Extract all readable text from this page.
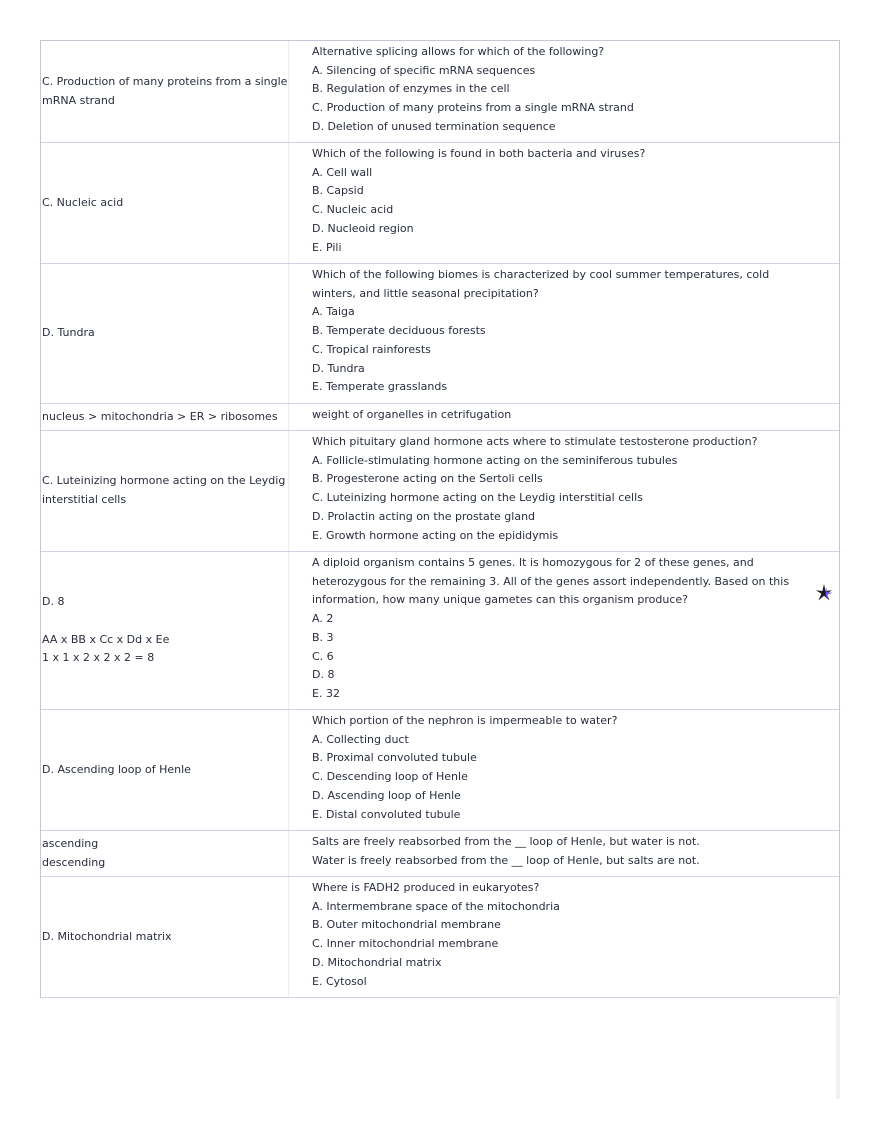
C. Production of many proteins from a single
mRNA strand
Alternative splicing allows for which of the following?
A. Silencing of specific mRNA sequences
B. Regulation of enzymes in the cell
C. Production of many proteins from a single mRNA strand
D. Deletion of unused termination sequence
C. Nucleic acid
Which of the following is found in both bacteria and viruses?
A. Cell wall
B. Capsid
C. Nucleic acid
D. Nucleoid region
E. Pili
D. Tundra
Which of the following biomes is characterized by cool summer temperatures, cold
winters, and little seasonal precipitation?
A. Taiga
B. Temperate deciduous forests
C. Tropical rainforests
D. Tundra
E. Temperate grasslands
nucleus > mitochondria > ER > ribosomes	weight of organelles in cetrifugation
C. Luteinizing hormone acting on the Leydig
interstitial cells
Which pituitary gland hormone acts where to stimulate testosterone production?
A. Follicle-stimulating hormone acting on the seminiferous tubules
B. Progesterone acting on the Sertoli cells
C. Luteinizing hormone acting on the Leydig interstitial cells
D. Prolactin acting on the prostate gland
E. Growth hormone acting on the epididymis
D. 8

AA x BB x Cc x Dd x Ee
1 x 1 x 2 x 2 x 2 = 8
A diploid organism contains 5 genes. It is homozygous for 2 of these genes, and
heterozygous for the remaining 3. All of the genes assort independently. Based on this
information, how many unique gametes can this organism produce?
A. 2
B. 3
C. 6
D. 8
E. 32
D. Ascending loop of Henle
Which portion of the nephron is impermeable to water?
A. Collecting duct
B. Proximal convoluted tubule
C. Descending loop of Henle
D. Ascending loop of Henle
E. Distal convoluted tubule
ascending
descending
Salts are freely reabsorbed from the __ loop of Henle, but water is not.
Water is freely reabsorbed from the __ loop of Henle, but salts are not.
D. Mitochondrial matrix
Where is FADH2 produced in eukaryotes?
A. Intermembrane space of the mitochondria
B. Outer mitochondrial membrane
C. Inner mitochondrial membrane
D. Mitochondrial matrix
E. Cytosol
